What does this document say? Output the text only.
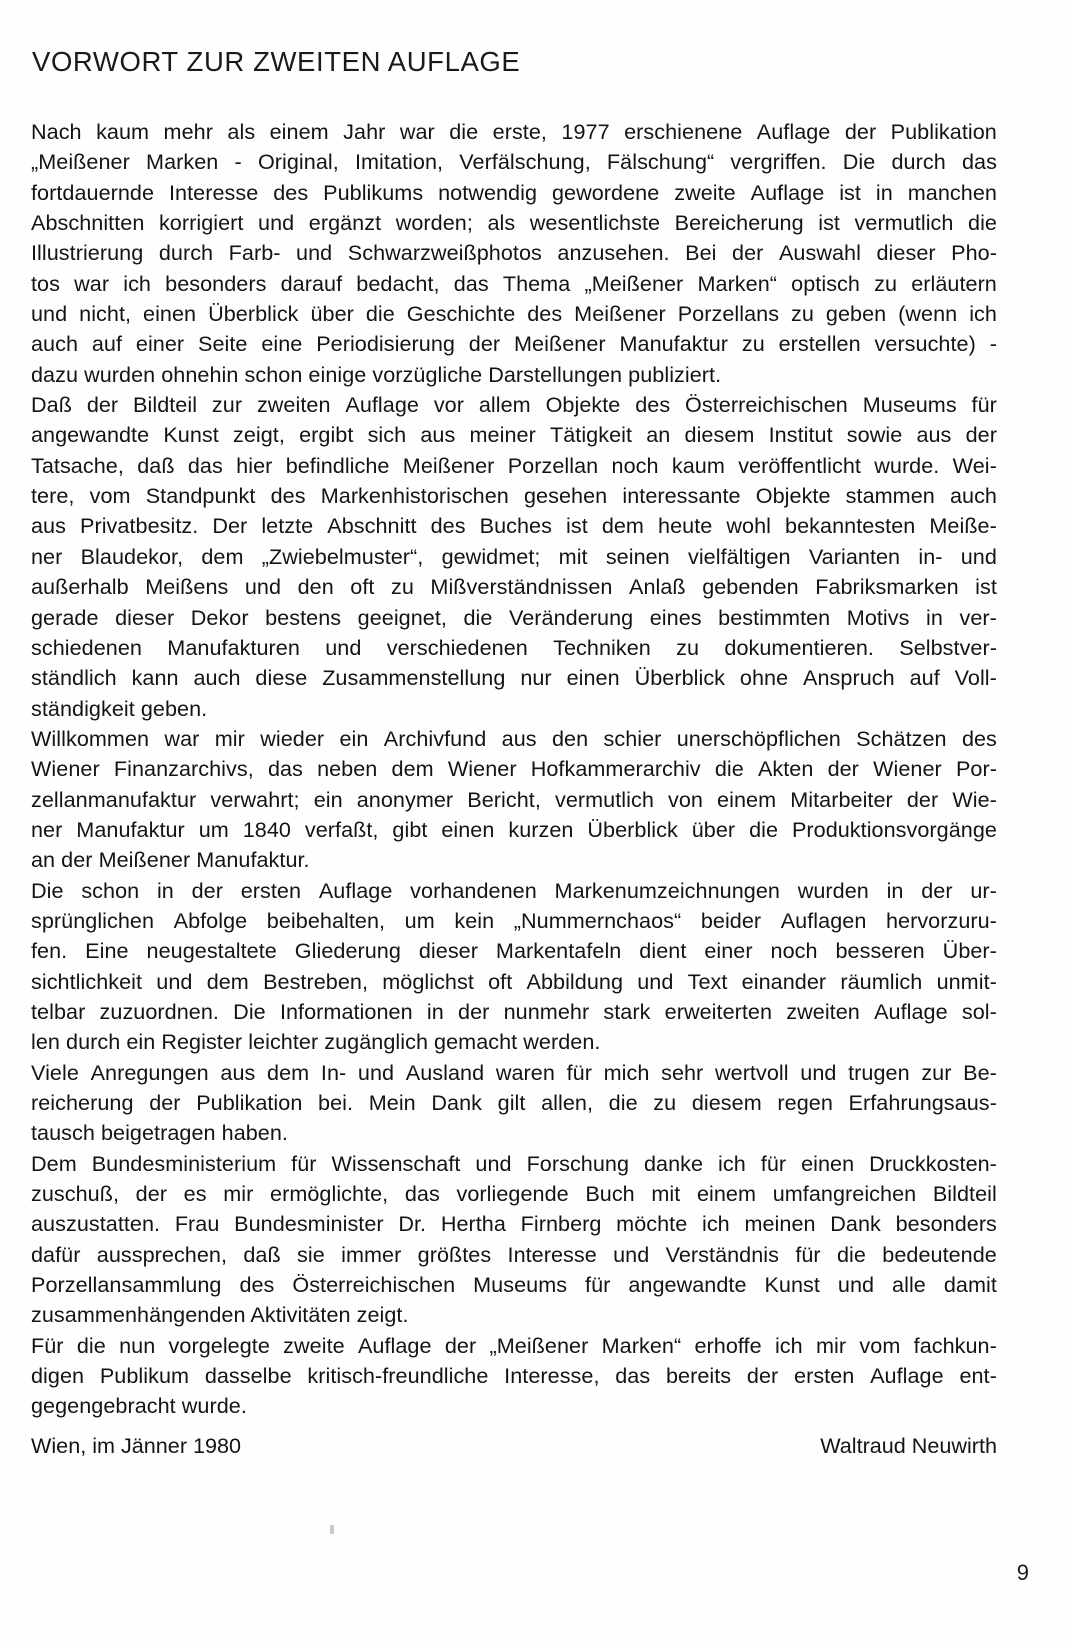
VORWORT ZUR ZWEITEN AUFLAGE
Nach kaum mehr als einem Jahr war die erste, 1977 erschienene Auflage der Publikation
„Meißener Marken - Original, Imitation, Verfälschung, Fälschung“ vergriffen. Die durch das
fortdauernde Interesse des Publikums notwendig gewordene zweite Auflage ist in manchen
Abschnitten korrigiert und ergänzt worden; als wesentlichste Bereicherung ist vermutlich die
Illustrierung durch Farb- und Schwarzweißphotos anzusehen. Bei der Auswahl dieser Pho-
tos war ich besonders darauf bedacht, das Thema „Meißener Marken“ optisch zu erläutern
und nicht, einen Überblick über die Geschichte des Meißener Porzellans zu geben (wenn ich
auch auf einer Seite eine Periodisierung der Meißener Manufaktur zu erstellen versuchte) -
dazu wurden ohnehin schon einige vorzügliche Darstellungen publiziert.
Daß der Bildteil zur zweiten Auflage vor allem Objekte des Österreichischen Museums für
angewandte Kunst zeigt, ergibt sich aus meiner Tätigkeit an diesem Institut sowie aus der
Tatsache, daß das hier befindliche Meißener Porzellan noch kaum veröffentlicht wurde. Wei-
tere, vom Standpunkt des Markenhistorischen gesehen interessante Objekte stammen auch
aus Privatbesitz. Der letzte Abschnitt des Buches ist dem heute wohl bekanntesten Meiße-
ner Blaudekor, dem „Zwiebelmuster“, gewidmet; mit seinen vielfältigen Varianten in- und
außerhalb Meißens und den oft zu Mißverständnissen Anlaß gebenden Fabriksmarken ist
gerade dieser Dekor bestens geeignet, die Veränderung eines bestimmten Motivs in ver-
schiedenen Manufakturen und verschiedenen Techniken zu dokumentieren. Selbstver-
ständlich kann auch diese Zusammenstellung nur einen Überblick ohne Anspruch auf Voll-
ständigkeit geben.
Willkommen war mir wieder ein Archivfund aus den schier unerschöpflichen Schätzen des
Wiener Finanzarchivs, das neben dem Wiener Hofkammerarchiv die Akten der Wiener Por-
zellanmanufaktur verwahrt; ein anonymer Bericht, vermutlich von einem Mitarbeiter der Wie-
ner Manufaktur um 1840 verfaßt, gibt einen kurzen Überblick über die Produktionsvorgänge
an der Meißener Manufaktur.
Die schon in der ersten Auflage vorhandenen Markenumzeichnungen wurden in der ur-
sprünglichen Abfolge beibehalten, um kein „Nummernchaos“ beider Auflagen hervorzuru-
fen. Eine neugestaltete Gliederung dieser Markentafeln dient einer noch besseren Über-
sichtlichkeit und dem Bestreben, möglichst oft Abbildung und Text einander räumlich unmit-
telbar zuzuordnen. Die Informationen in der nunmehr stark erweiterten zweiten Auflage sol-
len durch ein Register leichter zugänglich gemacht werden.
Viele Anregungen aus dem In- und Ausland waren für mich sehr wertvoll und trugen zur Be-
reicherung der Publikation bei. Mein Dank gilt allen, die zu diesem regen Erfahrungsaus-
tausch beigetragen haben.
Dem Bundesministerium für Wissenschaft und Forschung danke ich für einen Druckkosten-
zuschuß, der es mir ermöglichte, das vorliegende Buch mit einem umfangreichen Bildteil
auszustatten. Frau Bundesminister Dr. Hertha Firnberg möchte ich meinen Dank besonders
dafür aussprechen, daß sie immer größtes Interesse und Verständnis für die bedeutende
Porzellansammlung des Österreichischen Museums für angewandte Kunst und alle damit
zusammenhängenden Aktivitäten zeigt.
Für die nun vorgelegte zweite Auflage der „Meißener Marken“ erhoffe ich mir vom fachkun-
digen Publikum dasselbe kritisch-freundliche Interesse, das bereits der ersten Auflage ent-
gegengebracht wurde.
Wien, im Jänner 1980	Waltraud Neuwirth
9
